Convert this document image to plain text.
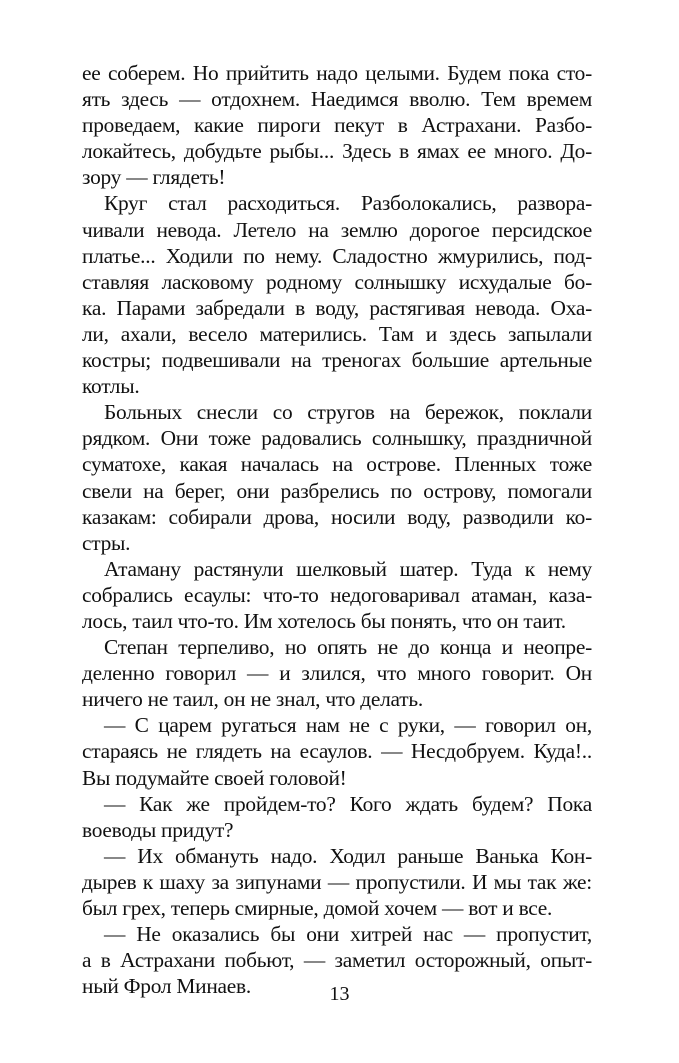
ее соберем. Но прийтить надо целыми. Будем пока сто-
ять здесь — отдохнем. Наедимся вволю. Тем времем
проведаем, какие пироги пекут в Астрахани. Разбо-
локайтесь, добудьте рыбы... Здесь в ямах ее много. До-
зору — глядеть!
Круг стал расходиться. Разболокались, развора-
чивали невода. Летело на землю дорогое персидское
платье... Ходили по нему. Сладостно жмурились, под-
ставляя ласковому родному солнышку исхудалые бо-
ка. Парами забредали в воду, растягивая невода. Оха-
ли, ахали, весело матерились. Там и здесь запылали
костры; подвешивали на треногах большие артельные
котлы.
Больных снесли со стругов на бережок, поклали
рядком. Они тоже радовались солнышку, праздничной
суматохе, какая началась на острове. Пленных тоже
свели на берег, они разбрелись по острову, помогали
казакам: собирали дрова, носили воду, разводили ко-
стры.
Атаману растянули шелковый шатер. Туда к нему
собрались есаулы: что-то недоговаривал атаман, каза-
лось, таил что-то. Им хотелось бы понять, что он таит.
Степан терпеливо, но опять не до конца и неопре-
деленно говорил — и злился, что много говорит. Он
ничего не таил, он не знал, что делать.
— С царем ругаться нам не с руки, — говорил он,
стараясь не глядеть на есаулов. — Несдобруем. Куда!..
Вы подумайте своей головой!
— Как же пройдем-то? Кого ждать будем? Пока
воеводы придут?
— Их обмануть надо. Ходил раньше Ванька Кон-
дырев к шаху за зипунами — пропустили. И мы так же:
был грех, теперь смирные, домой хочем — вот и все.
— Не оказались бы они хитрей нас — пропустит,
а в Астрахани побьют, — заметил осторожный, опыт-
ный Фрол Минаев.	13
